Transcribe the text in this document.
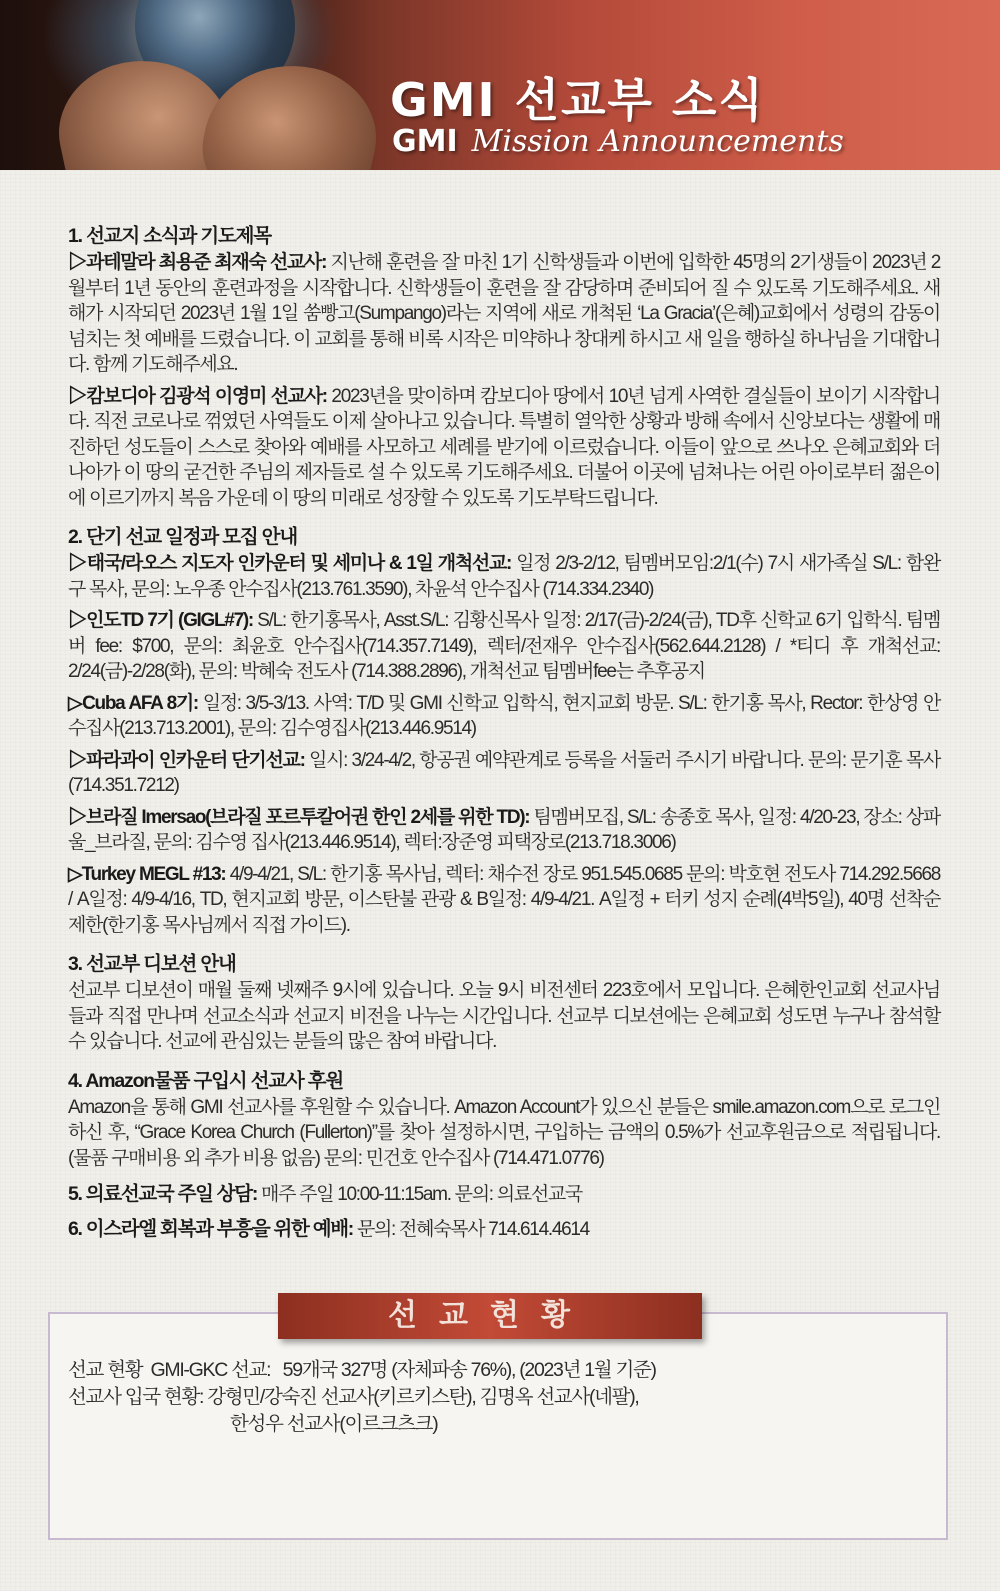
GMI 선교부 소식
GMI Mission Announcements

1. 선교지 소식과 기도제목

▷과테말라 최용준 최재숙 선교사: 지난해 훈련을 잘 마친 1기 신학생들과 이번에 입학한 45명의 2기생들이 2023년 2월부터 1년 동안의 훈련과정을 시작합니다. 신학생들이 훈련을 잘 감당하며 준비되어 질 수 있도록 기도해주세요. 새해가 시작되던 2023년 1월 1일 쑴빵고(Sumpango)라는 지역에 새로 개척된 ‘La Gracia’(은혜)교회에서 성령의 감동이 넘치는 첫 예배를 드렸습니다. 이 교회를 통해 비록 시작은 미약하나 창대케 하시고 새 일을 행하실 하나님을 기대합니다. 함께 기도해주세요.

▷캄보디아 김광석 이영미 선교사: 2023년을 맞이하며 캄보디아 땅에서 10년 넘게 사역한 결실들이 보이기 시작합니다. 직전 코로나로 꺾였던 사역들도 이제 살아나고 있습니다. 특별히 열악한 상황과 방해 속에서 신앙보다는 생활에 매진하던 성도들이 스스로 찾아와 예배를 사모하고 세례를 받기에 이르렀습니다. 이들이 앞으로 쓰나오 은혜교회와 더 나아가 이 땅의 굳건한 주님의 제자들로 설 수 있도록 기도해주세요. 더불어 이곳에 넘쳐나는 어린 아이로부터 젊은이에 이르기까지 복음 가운데 이 땅의 미래로 성장할 수 있도록 기도부탁드립니다.

2. 단기 선교 일정과 모집 안내

▷태국/라오스 지도자 인카운터 및 세미나 & 1일 개척선교: 일정 2/3-2/12, 팀멤버모임:2/1(수) 7시 새가족실 S/L: 함완구 목사, 문의: 노우종 안수집사(213.761.3590), 차윤석 안수집사 (714.334.2340)

▷인도TD 7기 (GIGL#7): S/L: 한기홍목사, Asst.S/L: 김황신목사 일정: 2/17(금)-2/24(금), TD후 신학교 6기 입학식. 팀멤버 fee: $700, 문의: 최윤호 안수집사(714.357.7149), 렉터/전재우 안수집사(562.644.2128) / *티디 후 개척선교: 2/24(금)-2/28(화), 문의: 박혜숙 전도사 (714.388.2896), 개척선교 팀멤버fee는 추후공지

▷Cuba AFA 8기: 일정: 3/5-3/13. 사역: T/D 및 GMI 신학교 입학식, 현지교회 방문. S/L: 한기홍 목사, Rector: 한상영 안수집사(213.713.2001), 문의: 김수영집사(213.446.9514)

▷파라과이 인카운터 단기선교: 일시: 3/24-4/2, 항공권 예약관계로 등록을 서둘러 주시기 바랍니다. 문의: 문기훈 목사 (714.351.7212)

▷브라질 Imersao(브라질 포르투칼어권 한인 2세를 위한 TD): 팀멤버모집, S/L: 송종호 목사, 일정: 4/20-23, 장소: 상파울_브라질, 문의: 김수영 집사(213.446.9514), 렉터:장준영 피택장로(213.718.3006)

▷Turkey MEGL #13: 4/9-4/21, S/L: 한기홍 목사님, 렉터: 채수전 장로 951.545.0685 문의: 박호현 전도사 714.292.5668 / A일정: 4/9-4/16, TD, 현지교회 방문, 이스탄불 관광 & B일정: 4/9-4/21. A일정 + 터키 성지 순례(4박5일), 40명 선착순 제한(한기홍 목사님께서 직접 가이드).

3. 선교부 디보션 안내

선교부 디보션이 매월 둘째 넷째주 9시에 있습니다. 오늘 9시 비전센터 223호에서 모입니다. 은혜한인교회 선교사님들과 직접 만나며 선교소식과 선교지 비전을 나누는 시간입니다. 선교부 디보션에는 은혜교회 성도면 누구나 참석할 수 있습니다. 선교에 관심있는 분들의 많은 참여 바랍니다.

4. Amazon물품 구입시 선교사 후원

Amazon을 통해 GMI 선교사를 후원할 수 있습니다. Amazon Account가 있으신 분들은 smile.amazon.com으로 로그인 하신 후, “Grace Korea Church (Fullerton)”를 찾아 설정하시면, 구입하는 금액의 0.5%가 선교후원금으로 적립됩니다. (물품 구매비용 외 추가 비용 없음) 문의: 민건호 안수집사 (714.471.0776)

5. 의료선교국 주일 상담: 매주 주일 10:00-11:15am. 문의: 의료선교국
6. 이스라엘 회복과 부흥을 위한 예배: 문의: 전혜숙목사 714.614.4614
선교현황
선교 현황  GMI-GKC 선교:   59개국 327명 (자체파송 76%), (2023년 1월 기준)
선교사 입국 현황: 강형민/강숙진 선교사(키르키스탄), 김명옥 선교사(네팔),
한성우 선교사(이르크츠크)
